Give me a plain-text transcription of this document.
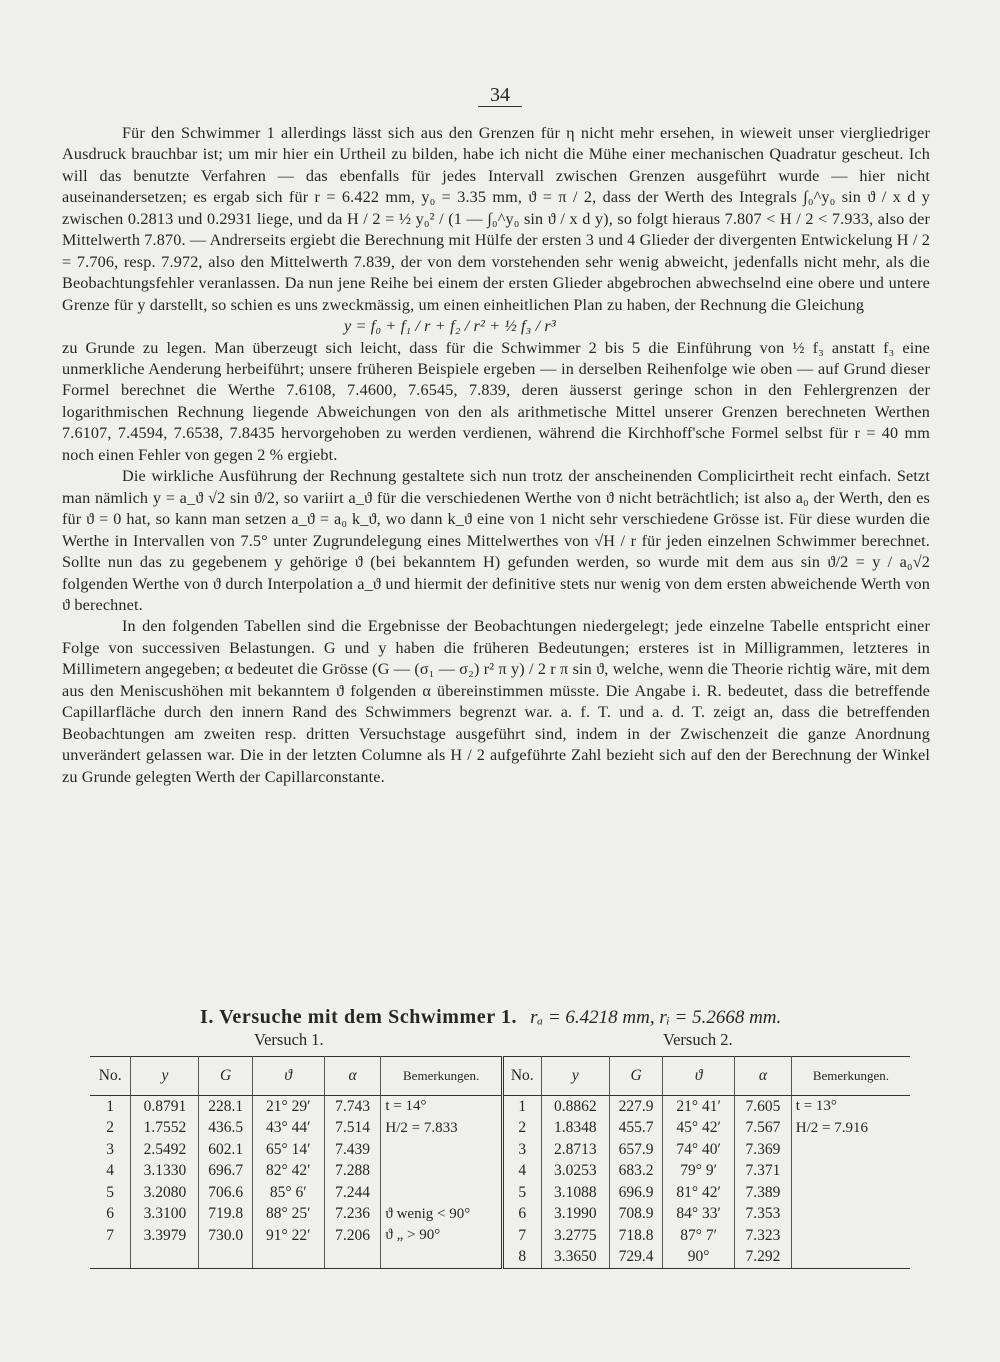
34

Für den Schwimmer 1 allerdings lässt sich aus den Grenzen für η nicht mehr ersehen, in wieweit unser viergliedriger Ausdruck brauchbar ist; um mir hier ein Urtheil zu bilden, habe ich nicht die Mühe einer mechanischen Quadratur gescheut. Ich will das benutzte Verfahren — das ebenfalls für jedes Intervall zwischen Grenzen ausgeführt wurde — hier nicht auseinandersetzen; es ergab sich für r = 6.422 mm, y₀ = 3.35 mm, ϑ = π / 2, dass der Werth des Integrals ∫₀^y₀ sin ϑ / x d y zwischen 0.2813 und 0.2931 liege, und da H / 2 = ½ y₀² / (1 — ∫₀^y₀ sin ϑ / x d y), so folgt hieraus 7.807 < H / 2 < 7.933, also der Mittelwerth 7.870. — Andrerseits ergiebt die Berechnung mit Hülfe der ersten 3 und 4 Glieder der divergenten Entwickelung H / 2 = 7.706, resp. 7.972, also den Mittelwerth 7.839, der von dem vorstehenden sehr wenig abweicht, jedenfalls nicht mehr, als die Beobachtungsfehler veranlassen. Da nun jene Reihe bei einem der ersten Glieder abgebrochen abwechselnd eine obere und untere Grenze für y darstellt, so schien es uns zweckmässig, um einen einheitlichen Plan zu haben, der Rechnung die Gleichung

y = f₀ + f₁ / r + f₂ / r² + ½ f₃ / r³

zu Grunde zu legen. Man überzeugt sich leicht, dass für die Schwimmer 2 bis 5 die Einführung von ½ f₃ anstatt f₃ eine unmerkliche Aenderung herbeiführt; unsere früheren Beispiele ergeben — in derselben Reihenfolge wie oben — auf Grund dieser Formel berechnet die Werthe 7.6108, 7.4600, 7.6545, 7.839, deren äusserst geringe schon in den Fehlergrenzen der logarithmischen Rechnung liegende Abweichungen von den als arithmetische Mittel unserer Grenzen berechneten Werthen 7.6107, 7.4594, 7.6538, 7.8435 hervorgehoben zu werden verdienen, während die Kirchhoff'sche Formel selbst für r = 40 mm noch einen Fehler von gegen 2 % ergiebt.

Die wirkliche Ausführung der Rechnung gestaltete sich nun trotz der anscheinenden Complicirtheit recht einfach. Setzt man nämlich y = a_ϑ √2 sin ϑ/2, so variirt a_ϑ für die verschiedenen Werthe von ϑ nicht beträchtlich; ist also a₀ der Werth, den es für ϑ = 0 hat, so kann man setzen a_ϑ = a₀ k_ϑ, wo dann k_ϑ eine von 1 nicht sehr verschiedene Grösse ist. Für diese wurden die Werthe in Intervallen von 7.5° unter Zugrundelegung eines Mittelwerthes von √H / r für jeden einzelnen Schwimmer berechnet. Sollte nun das zu gegebenem y gehörige ϑ (bei bekanntem H) gefunden werden, so wurde mit dem aus sin ϑ/2 = y / a₀√2 folgenden Werthe von ϑ durch Interpolation a_ϑ und hiermit der definitive stets nur wenig von dem ersten abweichende Werth von ϑ berechnet.

In den folgenden Tabellen sind die Ergebnisse der Beobachtungen niedergelegt; jede einzelne Tabelle entspricht einer Folge von successiven Belastungen. G und y haben die früheren Bedeutungen; ersteres ist in Milligrammen, letzteres in Millimetern angegeben; α bedeutet die Grösse (G — (σ₁ — σ₂) r² π y) / 2 r π sin ϑ, welche, wenn die Theorie richtig wäre, mit dem aus den Meniscushöhen mit bekanntem ϑ folgenden α übereinstimmen müsste. Die Angabe i. R. bedeutet, dass die betreffende Capillarfläche durch den innern Rand des Schwimmers begrenzt war. a. f. T. und a. d. T. zeigt an, dass die betreffenden Beobachtungen am zweiten resp. dritten Versuchstage ausgeführt sind, indem in der Zwischenzeit die ganze Anordnung unverändert gelassen war. Die in der letzten Columne als H / 2 aufgeführte Zahl bezieht sich auf den der Berechnung der Winkel zu Grunde gelegten Werth der Capillarconstante.

I. Versuche mit dem Schwimmer 1. rₐ = 6.4218 mm, rᵢ = 5.2668 mm.
Versuch 1.	Versuch 2.
No.	y	G	ϑ	α	Bemerkungen.	No.	y	G	ϑ	α	Bemerkungen.
1	0.8791	228.1	21° 29′	7.743	t = 14°	1	0.8862	227.9	21° 41′	7.605	t = 13°
2	1.7552	436.5	43° 44′	7.514	H/2 = 7.833	2	1.8348	455.7	45° 42′	7.567	H/2 = 7.916
3	2.5492	602.1	65° 14′	7.439		3	2.8713	657.9	74° 40′	7.369	
4	3.1330	696.7	82° 42′	7.288		4	3.0253	683.2	79° 9′	7.371	
5	3.2080	706.6	85° 6′	7.244		5	3.1088	696.9	81° 42′	7.389	
6	3.3100	719.8	88° 25′	7.236	ϑ wenig < 90°	6	3.1990	708.9	84° 33′	7.353	
7	3.3979	730.0	91° 22′	7.206	ϑ „ > 90°	7	3.2775	718.8	87° 7′	7.323	
						8	3.3650	729.4	90°	7.292	
